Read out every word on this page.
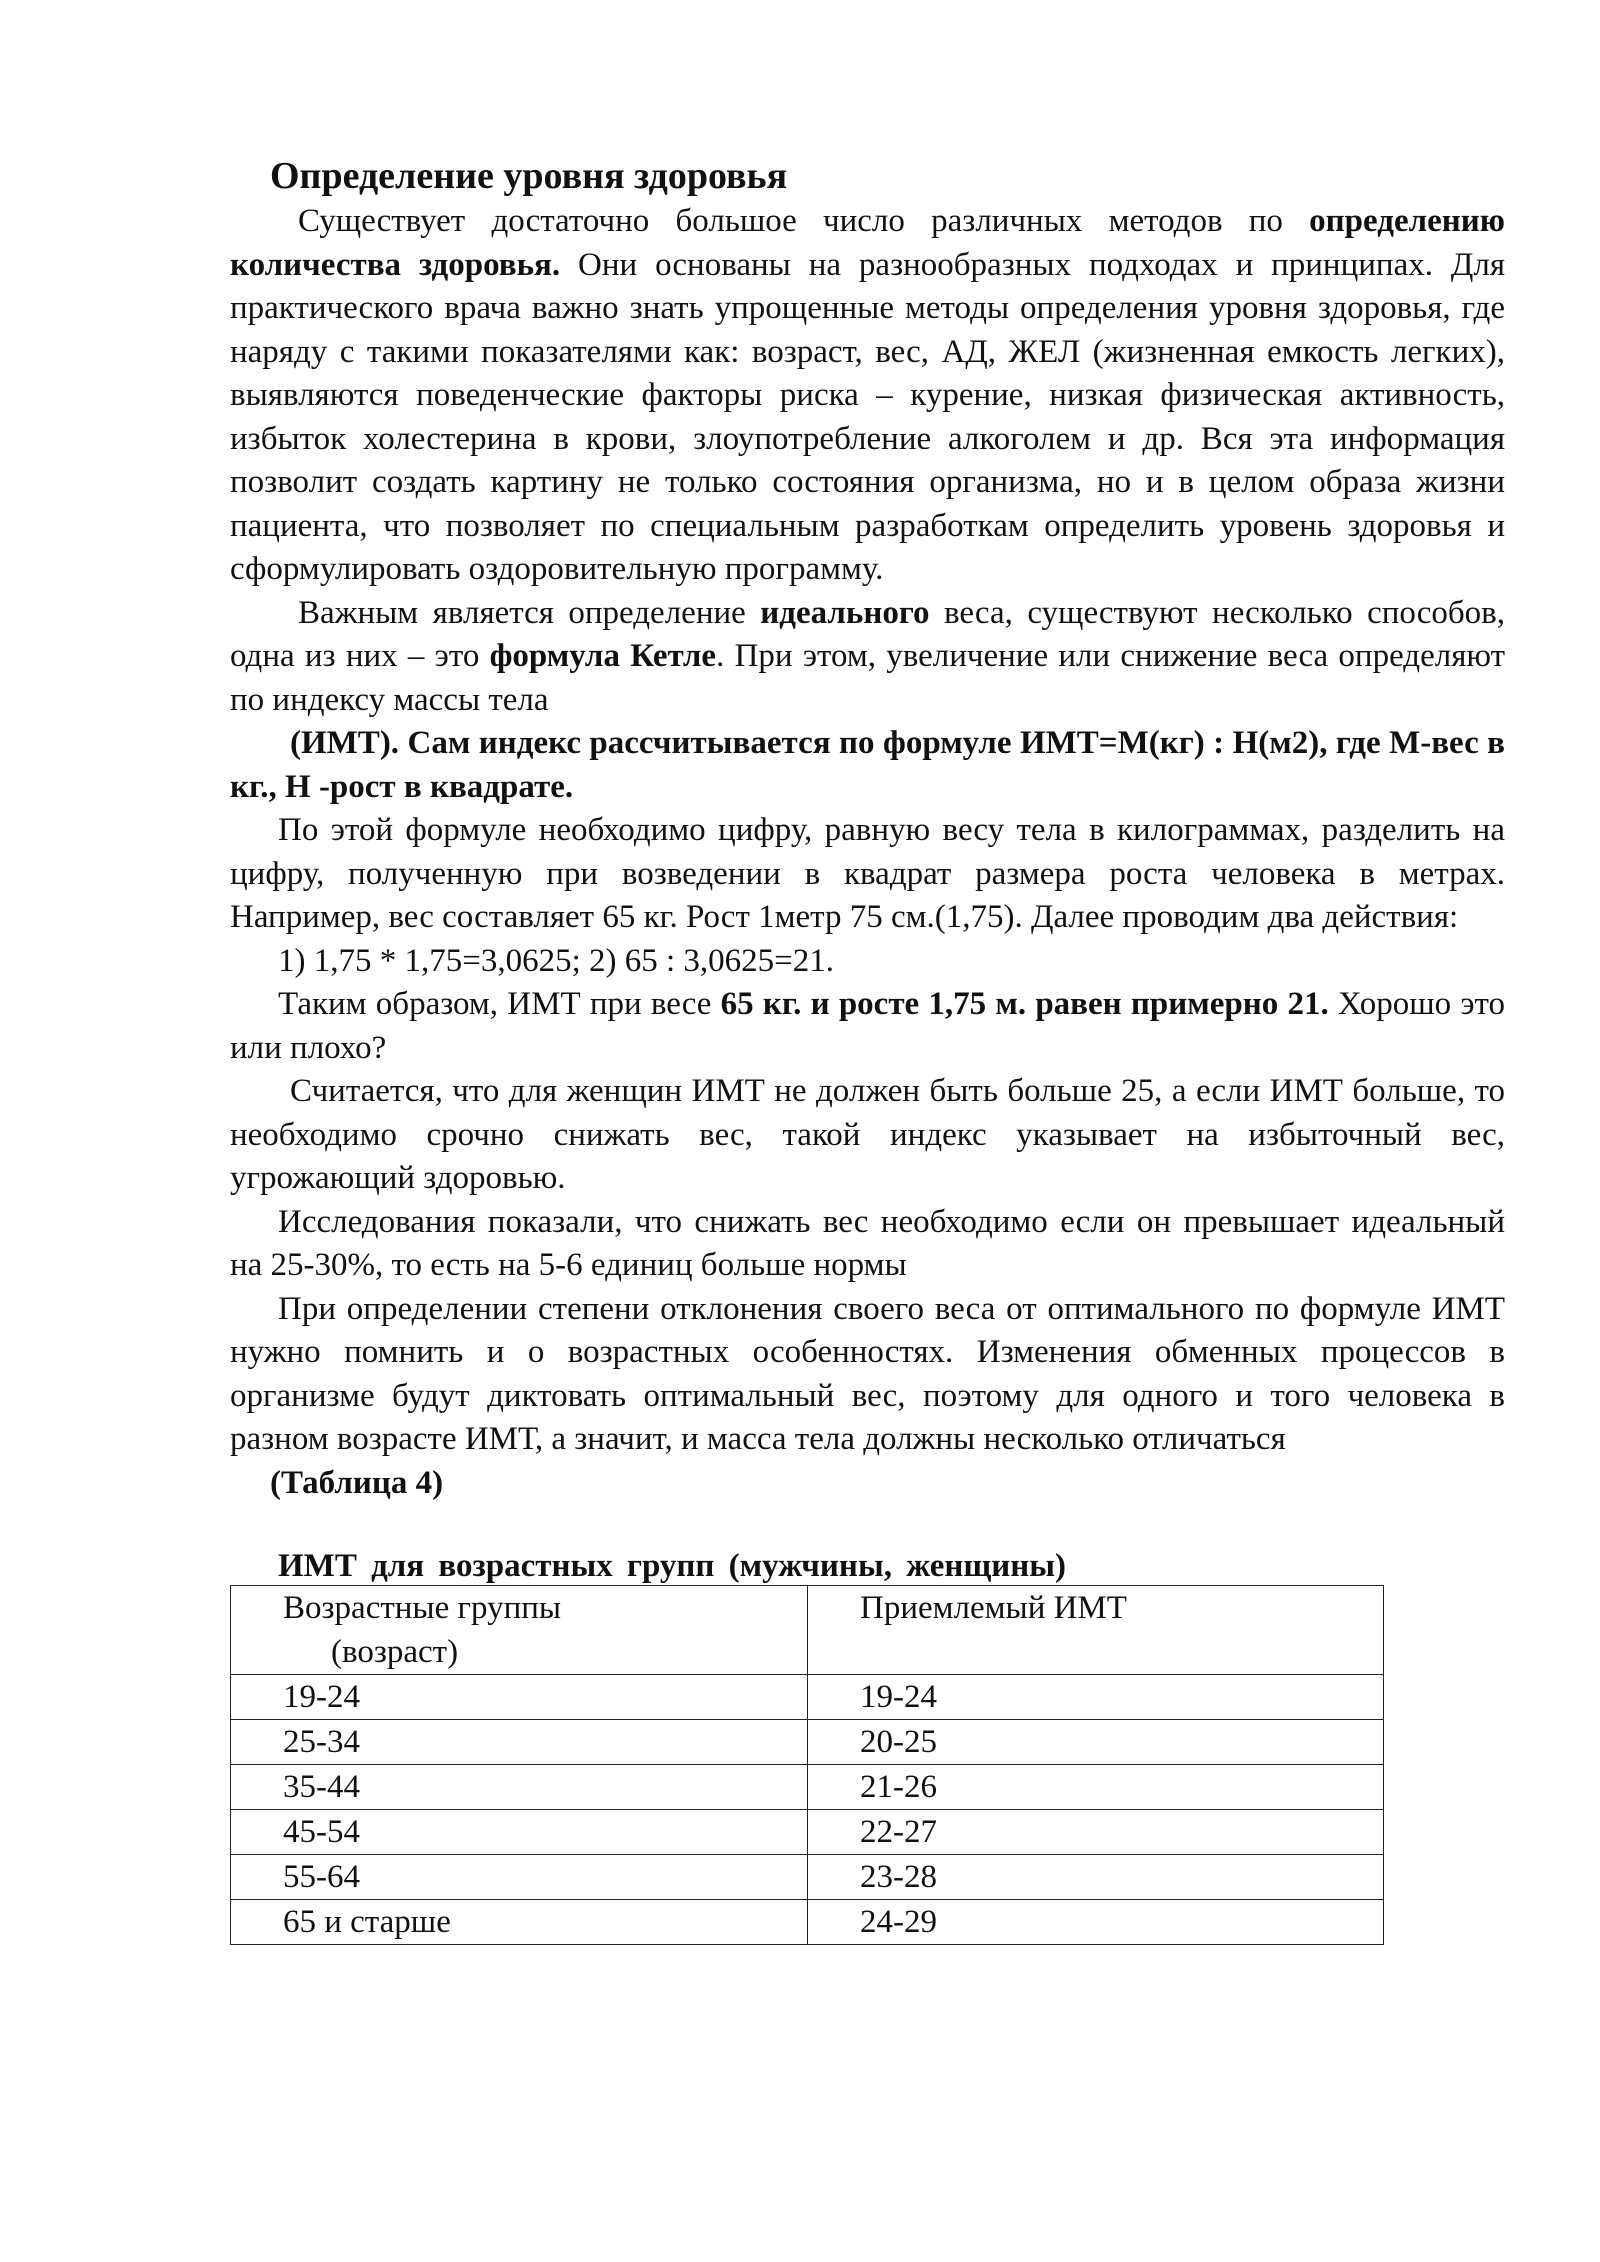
Определение уровня здоровья

Существует достаточно большое число различных методов по определению количества здоровья. Они основаны на разнообразных подходах и принципах. Для практического врача важно знать упрощенные методы определения уровня здоровья, где наряду с такими показателями как: возраст, вес, АД, ЖЕЛ (жизненная емкость легких), выявляются поведенческие факторы риска – курение, низкая физическая активность, избыток холестерина в крови, злоупотребление алкоголем и др. Вся эта информация позволит создать картину не только состояния организма, но и в целом образа жизни пациента, что позволяет по специальным разработкам определить уровень здоровья и сформулировать оздоровительную программу.

Важным является определение идеального веса, существуют несколько способов, одна из них – это формула Кетле. При этом, увеличение или снижение веса определяют по индексу массы тела

(ИМТ). Сам индекс рассчитывается по формуле ИМТ=М(кг) : Н(м2), где М-вес в кг., Н -рост в квадрате.

По этой формуле необходимо цифру, равную весу тела в килограммах, разделить на цифру, полученную при возведении в квадрат размера роста человека в метрах. Например, вес составляет 65 кг. Рост 1метр 75 см.(1,75). Далее проводим два действия:

1) 1,75 * 1,75=3,0625; 2) 65 : 3,0625=21.

Таким образом, ИМТ при весе 65 кг. и росте 1,75 м. равен примерно 21. Хорошо это или плохо?

Считается, что для женщин ИМТ не должен быть больше 25, а если ИМТ больше, то необходимо срочно снижать вес, такой индекс указывает на избыточный вес, угрожающий здоровью.

Исследования показали, что снижать вес необходимо если он превышает идеальный на 25-30%, то есть на 5-6 единиц больше нормы

При определении степени отклонения своего веса от оптимального по формуле ИМТ нужно помнить и о возрастных особенностях. Изменения обменных процессов в организме будут диктовать оптимальный вес, поэтому для одного и того человека в разном возрасте ИМТ, а значит, и масса тела должны несколько отличаться

(Таблица 4)

ИМТ для возрастных групп (мужчины, женщины)

Возрастные группы
(возраст)	Приемлемый ИМТ
19-24	19-24
25-34	20-25
35-44	21-26
45-54	22-27
55-64	23-28
65 и старше	24-29
